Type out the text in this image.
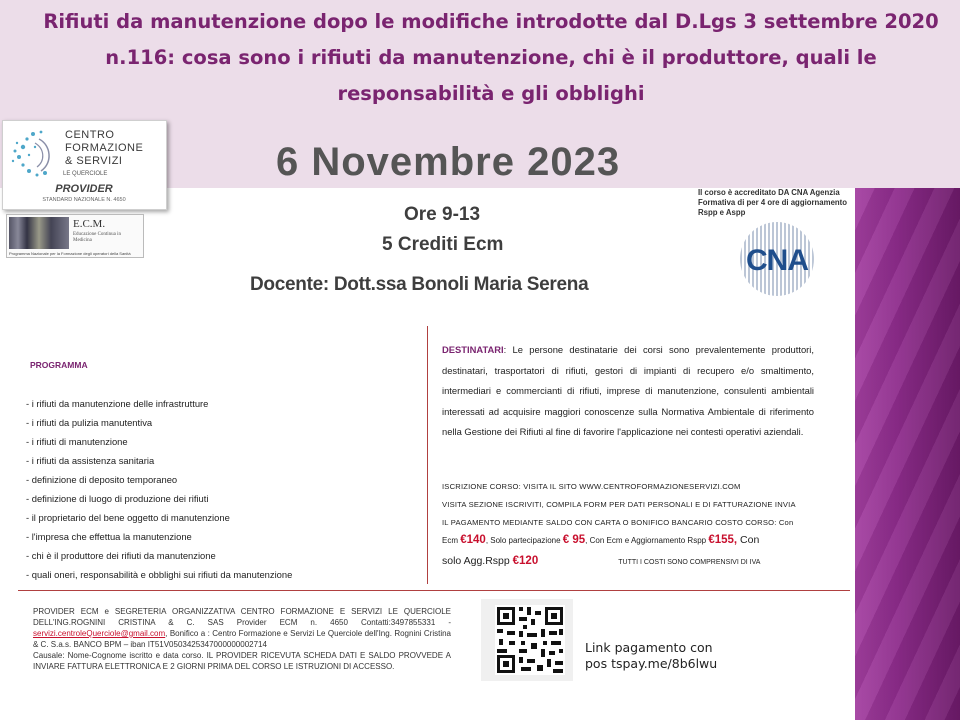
Rifiuti da manutenzione dopo le modifiche introdotte dal D.Lgs 3 settembre 2020
n.116: cosa sono i rifiuti da manutenzione, chi è il produttore, quali le
responsabilità e gli obblighi
CENTRO
FORMAZIONE
& SERVIZI
LE QUERCIOLE
PROVIDER
STANDARD NAZIONALE N. 4650
6 Novembre 2023
E.C.M.
Educazione Continua in Medicina
Programma Nazionale per la Formazione degli operatori della Sanità
Il corso è accreditato DA CNA Agenzia Formativa di per 4 ore di aggiornamento Rspp e Aspp
CNA
Ore 9-13
5 Crediti Ecm
Docente: Dott.ssa Bonoli Maria Serena
PROGRAMMA
- i rifiuti da manutenzione delle infrastrutture
- i rifiuti da pulizia manutentiva
- i rifiuti di manutenzione
- i rifiuti da assistenza sanitaria
- definizione di deposito temporaneo
- definizione di luogo di produzione dei rifiuti
- il proprietario del bene oggetto di manutenzione
- l'impresa che effettua la manutenzione
- chi è il produttore dei rifiuti da manutenzione
- quali oneri, responsabilità e obblighi sui rifiuti da manutenzione
DESTINATARI: Le persone destinatarie dei corsi sono prevalentemente produttori, destinatari, trasportatori di rifiuti, gestori di impianti di recupero e/o smaltimento, intermediari e commercianti di rifiuti, imprese di manutenzione, consulenti ambientali interessati ad acquisire maggiori conoscenze sulla Normativa Ambientale di riferimento nella Gestione dei Rifiuti al fine di favorire l'applicazione nei contesti operativi aziendali.
ISCRIZIONE CORSO: VISITA IL SITO WWW.CENTROFORMAZIONESERVIZI.COM
VISITA SEZIONE ISCRIVITI, COMPILA FORM PER DATI PERSONALI E DI FATTURAZIONE INVIA
IL PAGAMENTO MEDIANTE SALDO CON CARTA O BONIFICO BANCARIO COSTO CORSO: Con
Ecm €140, Solo partecipazione € 95, Con Ecm e Aggiornamento Rspp €155, Con
solo Agg.Rspp €120	TUTTI I COSTI SONO COMPRENSIVI DI IVA
PROVIDER ECM e SEGRETERIA ORGANIZZATIVA CENTRO FORMAZIONE E SERVIZI LE QUERCIOLE DELL'ING.ROGNINI CRISTINA & C. SAS Provider ECM n. 4650 Contatti:3497855331 - servizi.centroleQuerciole@gmail.com, Bonifico a : Centro Formazione e Servizi Le Querciole dell'Ing. Rognini Cristina & C. S.a.s. BANCO BPM – iban IT51V0503425347000000002714
Causale: Nome-Cognome iscritto e data corso. IL PROVIDER RICEVUTA SCHEDA DATI E SALDO PROVVEDE A INVIARE FATTURA ELETTRONICA E 2 GIORNI PRIMA DEL CORSO LE ISTRUZIONI DI ACCESSO.
Link pagamento con
pos tspay.me/8b6lwu
